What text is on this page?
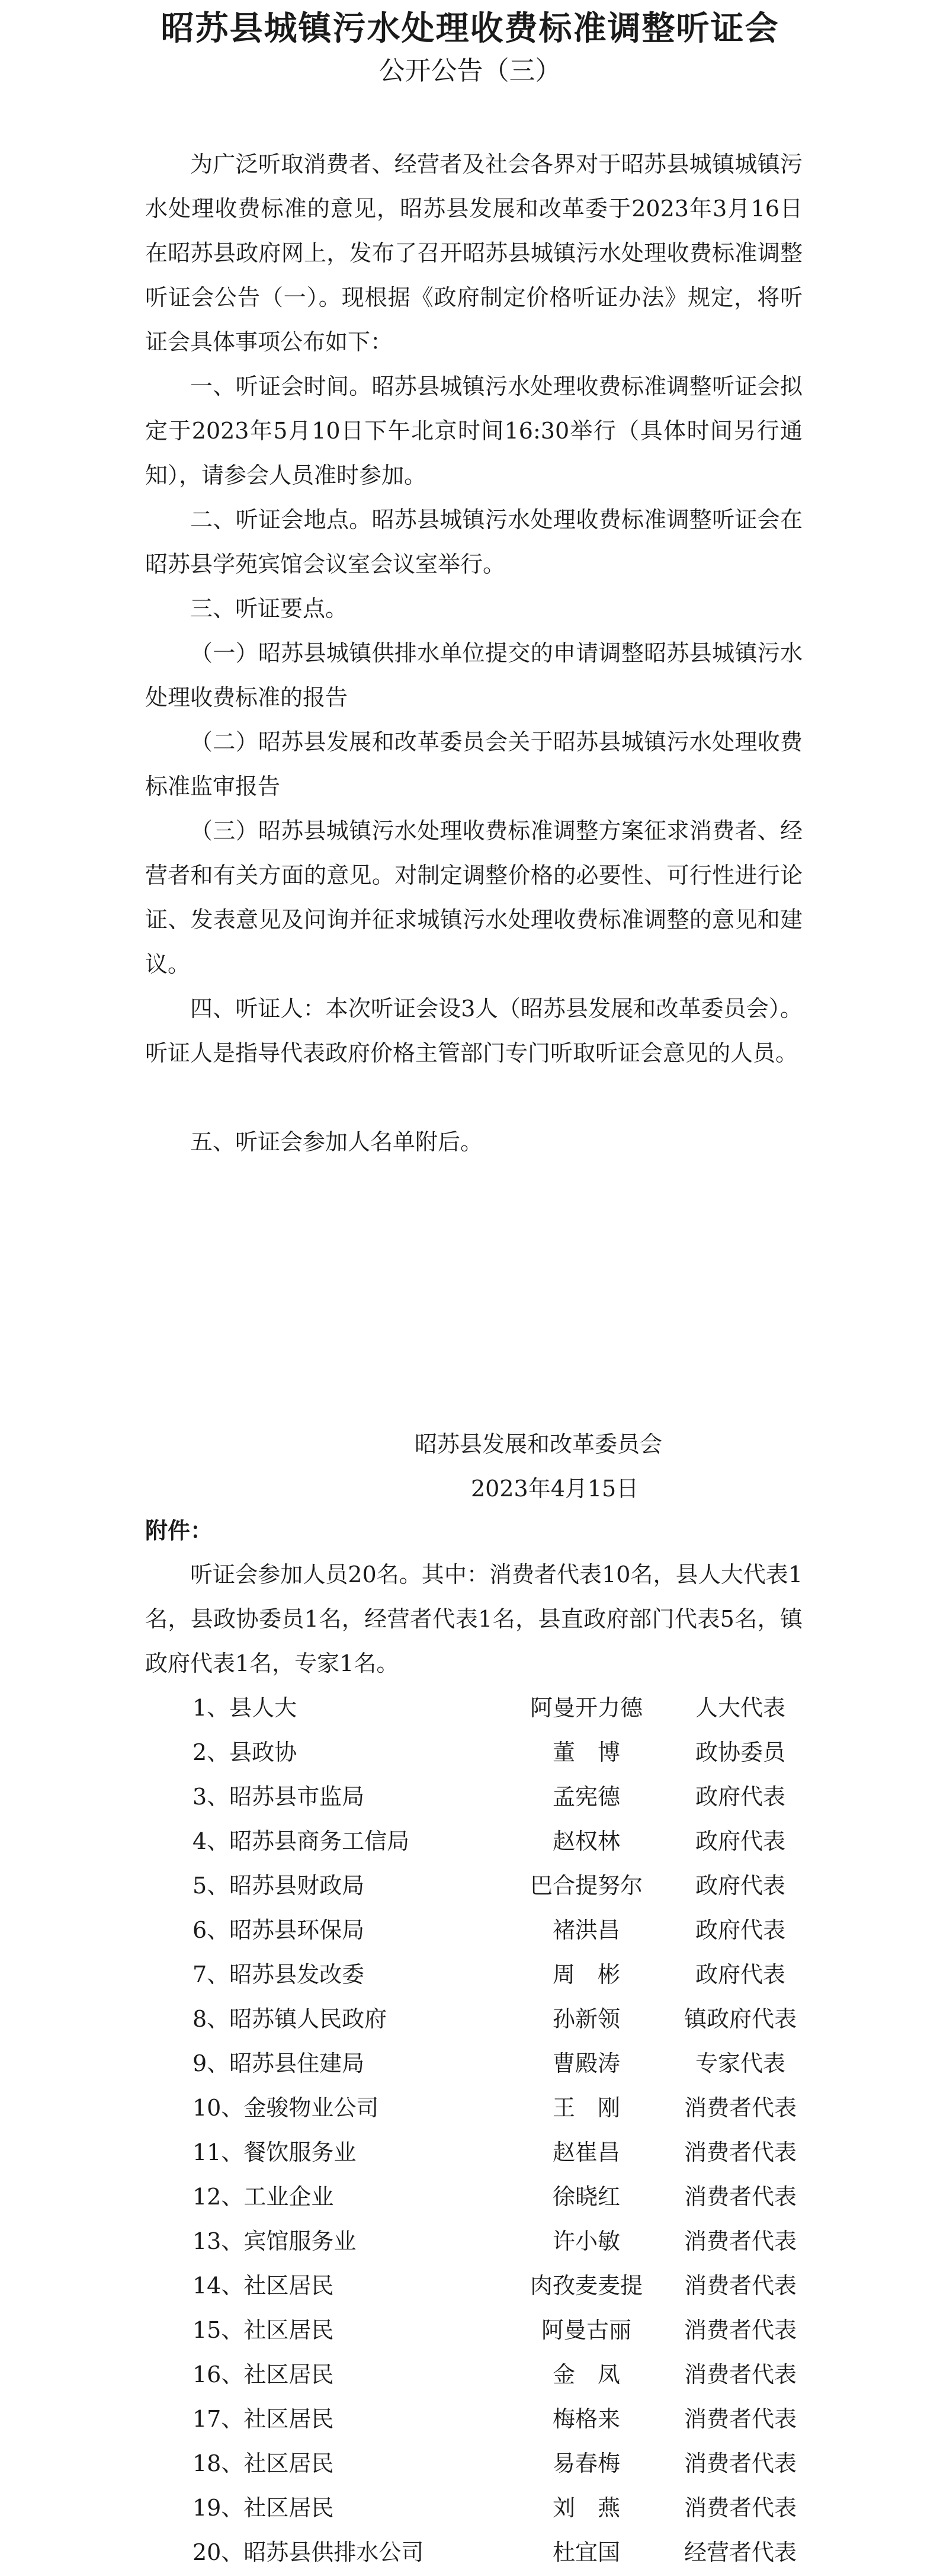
昭苏县城镇污水处理收费标准调整听证会
公开公告（三）

为广泛听取消费者、经营者及社会各界对于昭苏县城镇城镇污水处理收费标准的意见，昭苏县发展和改革委于2023年3月16日在昭苏县政府网上，发布了召开昭苏县城镇污水处理收费标准调整听证会公告（一）。现根据《政府制定价格听证办法》规定，将听证会具体事项公布如下：

一、听证会时间。昭苏县城镇污水处理收费标准调整听证会拟定于2023年5月10日下午北京时间16:30举行（具体时间另行通知），请参会人员准时参加。

二、听证会地点。昭苏县城镇污水处理收费标准调整听证会在昭苏县学苑宾馆会议室会议室举行。

三、听证要点。

（一）昭苏县城镇供排水单位提交的申请调整昭苏县城镇污水处理收费标准的报告

（二）昭苏县发展和改革委员会关于昭苏县城镇污水处理收费标准监审报告

（三）昭苏县城镇污水处理收费标准调整方案征求消费者、经营者和有关方面的意见。对制定调整价格的必要性、可行性进行论证、发表意见及问询并征求城镇污水处理收费标准调整的意见和建议。

四、听证人：本次听证会设3人（昭苏县发展和改革委员会）。听证人是指导代表政府价格主管部门专门听取听证会意见的人员。

五、听证会参加人名单附后。

昭苏县发展和改革委员会
2023年4月15日
附件：

听证会参加人员20名。其中：消费者代表10名，县人大代表1名，县政协委员1名，经营者代表1名，县直政府部门代表5名，镇政府代表1名，专家1名。

1、县人大	阿曼开力德	人大代表
2、县政协	董　博	政协委员
3、昭苏县市监局	孟宪德	政府代表
4、昭苏县商务工信局	赵权林	政府代表
5、昭苏县财政局	巴合提努尔	政府代表
6、昭苏县环保局	褚洪昌	政府代表
7、昭苏县发改委	周　彬	政府代表
8、昭苏镇人民政府	孙新领	镇政府代表
9、昭苏县住建局	曹殿涛	专家代表
10、金骏物业公司	王　刚	消费者代表
11、餐饮服务业	赵崔昌	消费者代表
12、工业企业	徐晓红	消费者代表
13、宾馆服务业	许小敏	消费者代表
14、社区居民	肉孜麦麦提	消费者代表
15、社区居民	阿曼古丽	消费者代表
16、社区居民	金　凤	消费者代表
17、社区居民	梅格来	消费者代表
18、社区居民	易春梅	消费者代表
19、社区居民	刘　燕	消费者代表
20、昭苏县供排水公司	杜宜国	经营者代表
